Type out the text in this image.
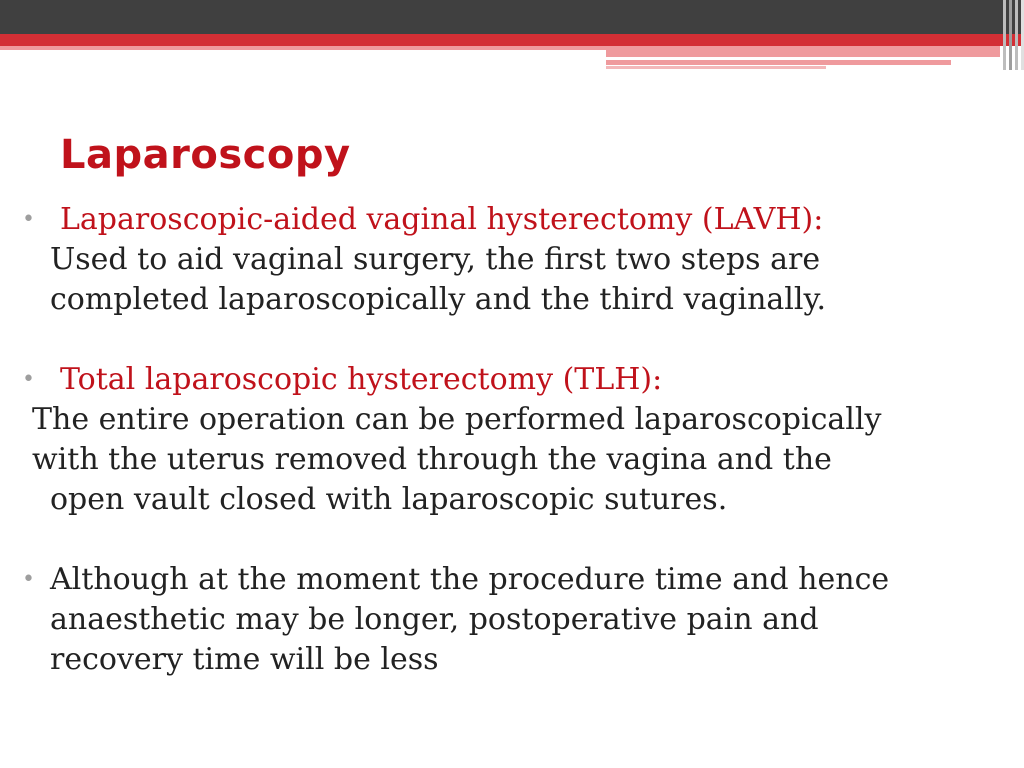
Laparoscopy
• Laparoscopic-aided vaginal hysterectomy (LAVH):
Used to aid vaginal surgery, the first two steps are
completed laparoscopically and the third vaginally.
• Total laparoscopic hysterectomy (TLH):
The entire operation can be performed laparoscopically
with the uterus removed through the vagina and the
open vault closed with laparoscopic sutures.
• Although at the moment the procedure time and hence
anaesthetic may be longer, postoperative pain and
recovery time will be less
